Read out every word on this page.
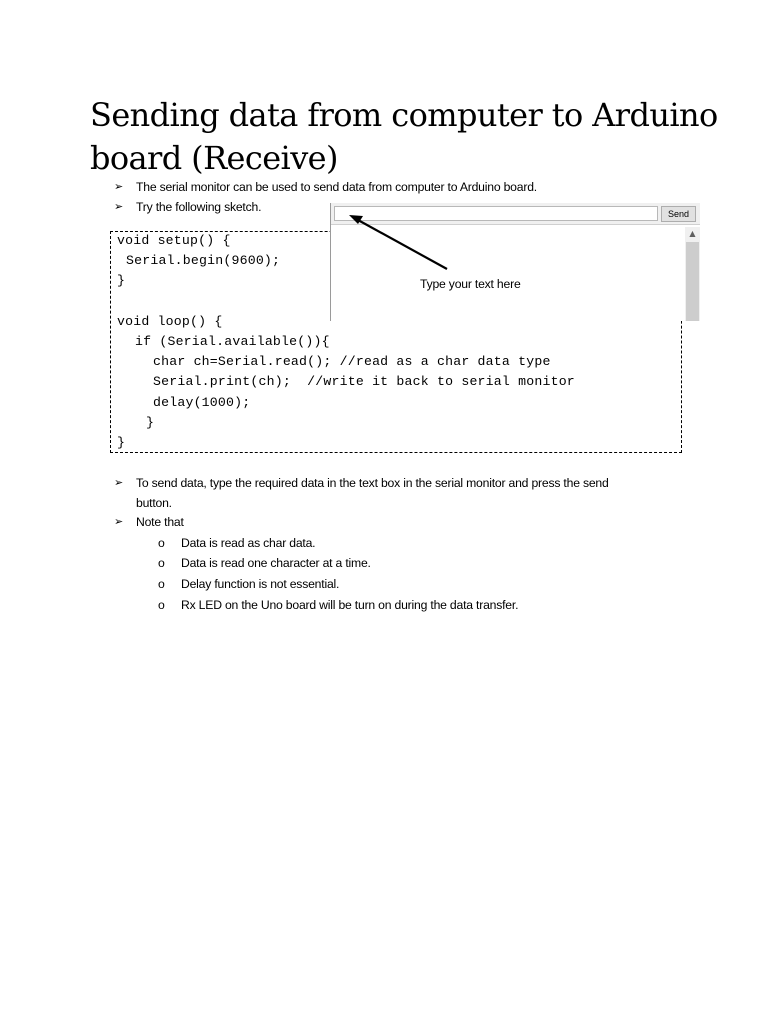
Sending data from computer to Arduino board (Receive)
➢ The serial monitor can be used to send data from computer to Arduino board.
➢ Try the following sketch.
void setup() {
Serial.begin(9600);
}
void loop() {
if (Serial.available()){
char ch=Serial.read(); //read as a char data type
Serial.print(ch);  //write it back to serial monitor
delay(1000);
}
}
Send
▲
Type your text here
➢ To send data, type the required data in the text box in the serial monitor and press the send
button.
➢ Note that
o Data is read as char data.
o Data is read one character at a time.
o Delay function is not essential.
o Rx LED on the Uno board will be turn on during the data transfer.
